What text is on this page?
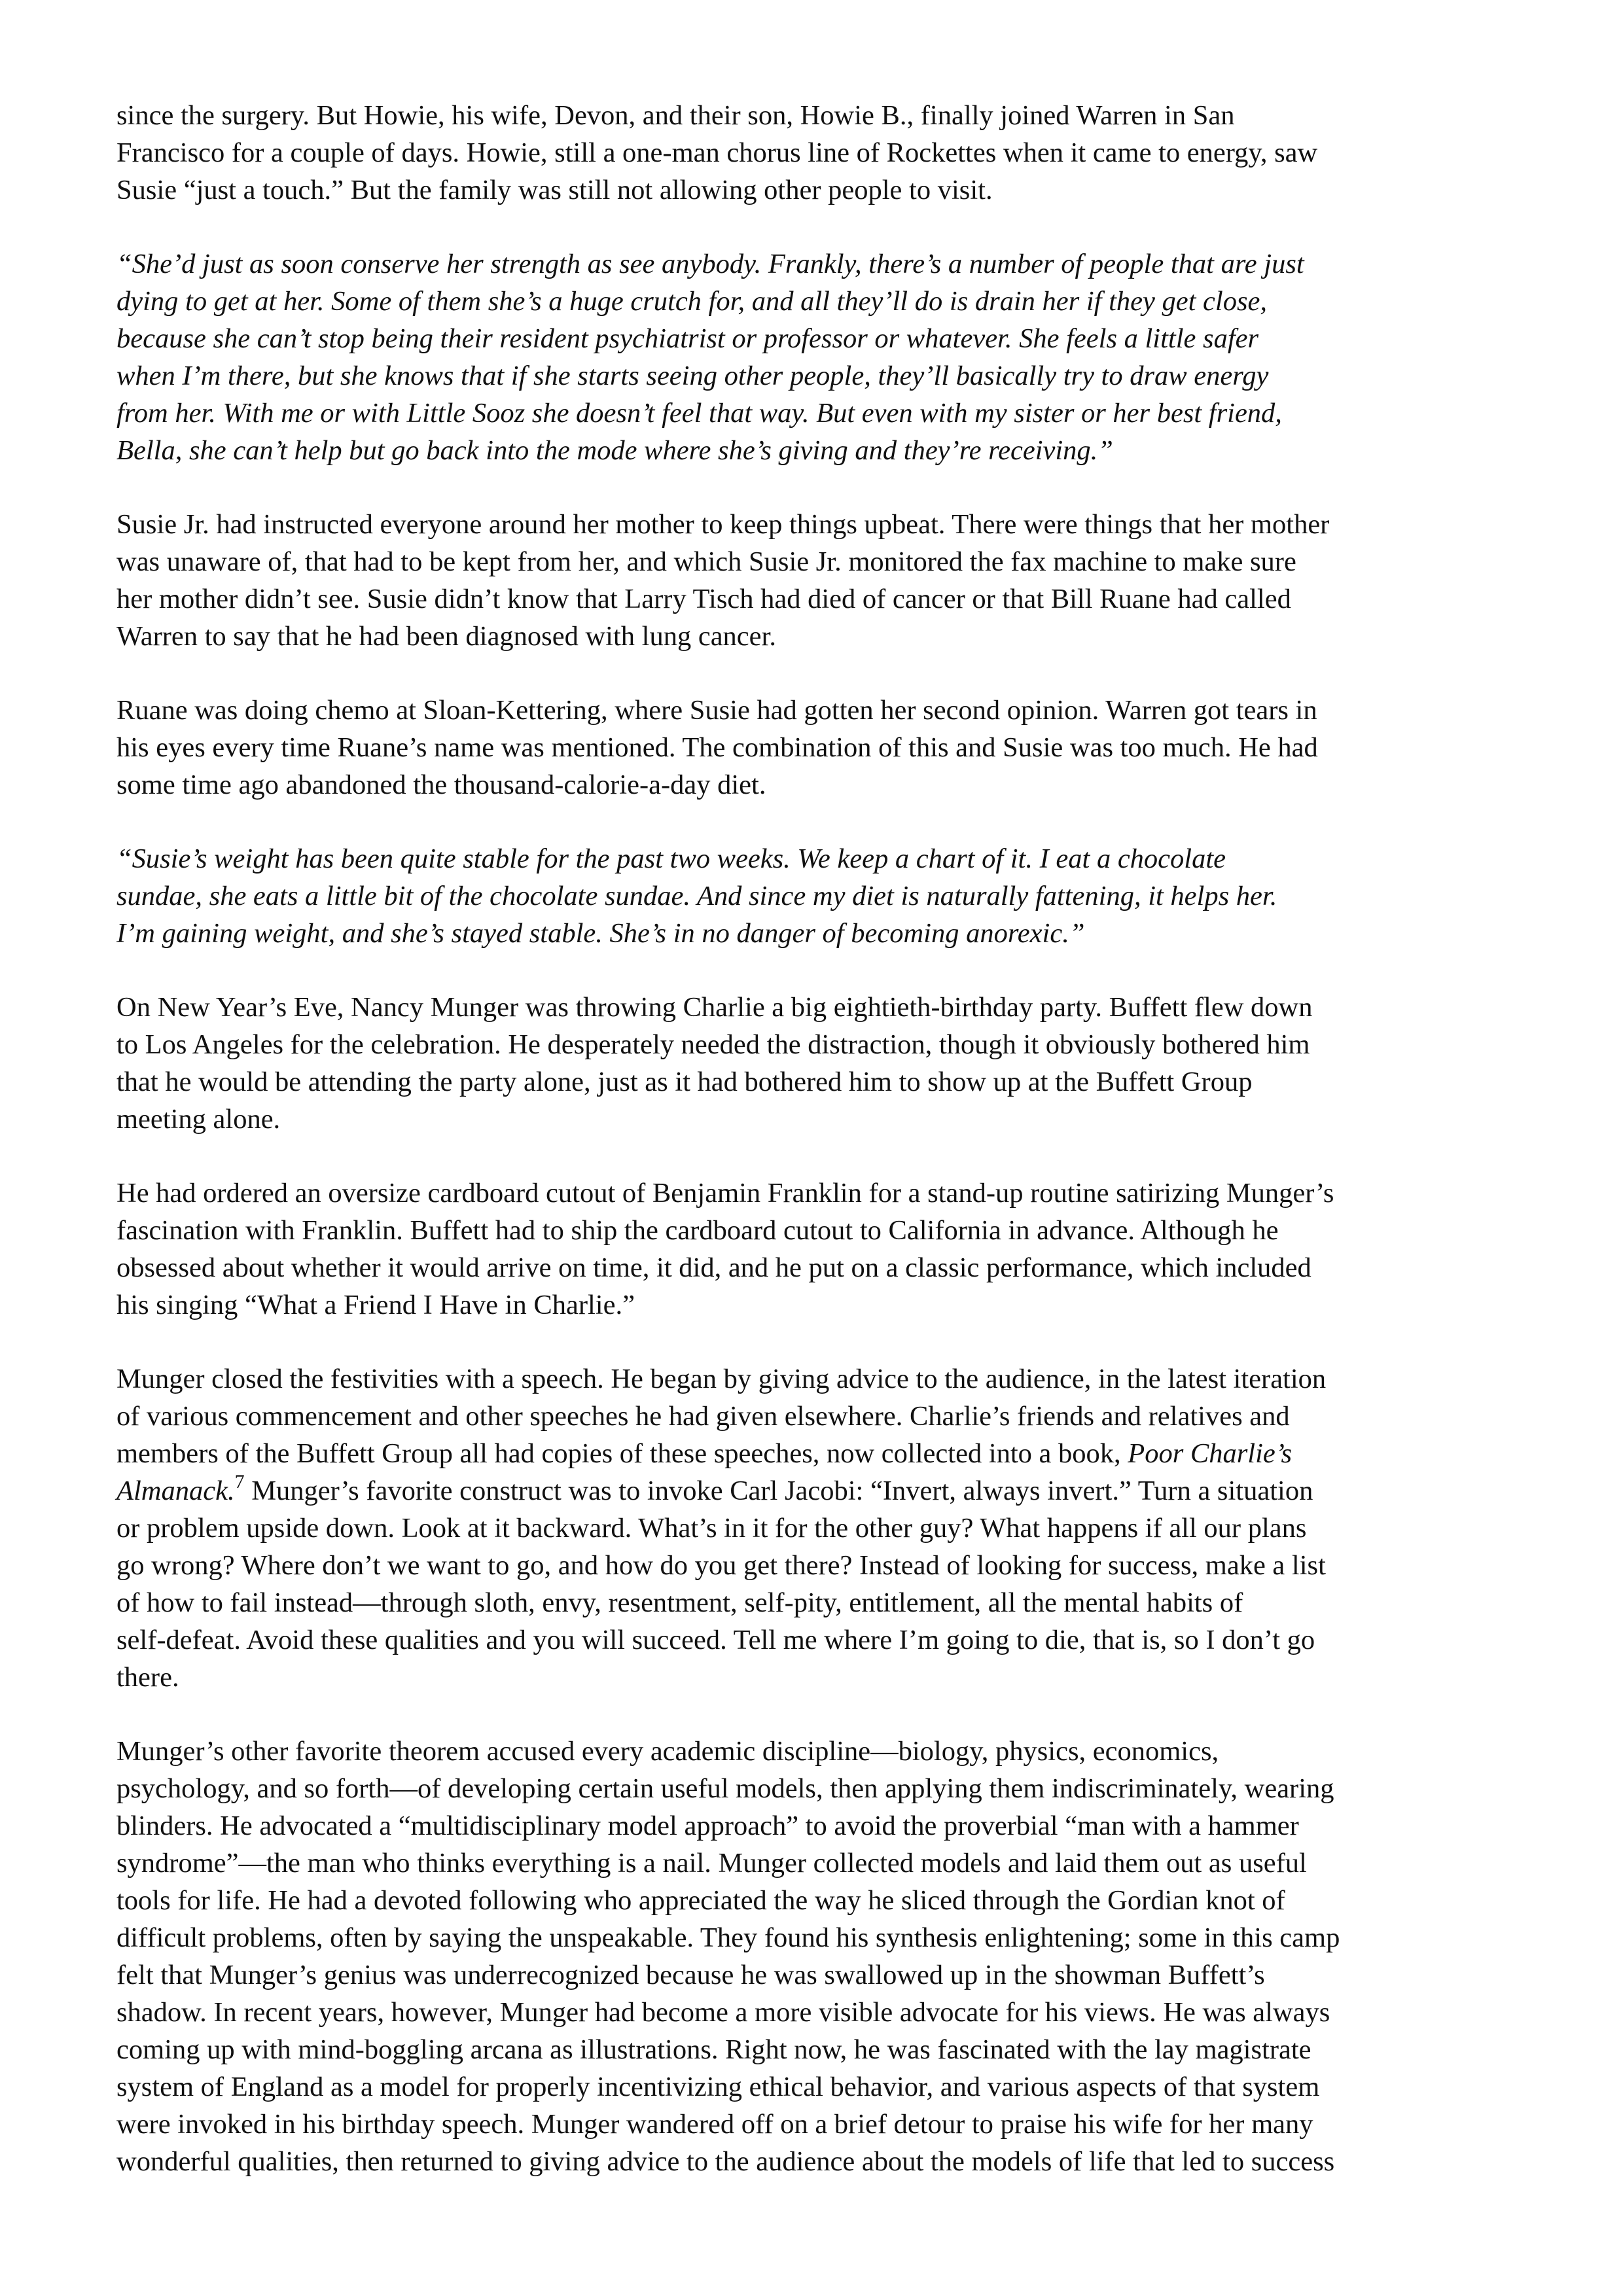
since the surgery. But Howie, his wife, Devon, and their son, Howie B., finally joined Warren in San
Francisco for a couple of days. Howie, still a one-man chorus line of Rockettes when it came to energy, saw
Susie “just a touch.” But the family was still not allowing other people to visit.

“She’d just as soon conserve her strength as see anybody. Frankly, there’s a number of people that are just
dying to get at her. Some of them she’s a huge crutch for, and all they’ll do is drain her if they get close,
because she can’t stop being their resident psychiatrist or professor or whatever. She feels a little safer
when I’m there, but she knows that if she starts seeing other people, they’ll basically try to draw energy
from her. With me or with Little Sooz she doesn’t feel that way. But even with my sister or her best friend,
Bella, she can’t help but go back into the mode where she’s giving and they’re receiving.”

Susie Jr. had instructed everyone around her mother to keep things upbeat. There were things that her mother
was unaware of, that had to be kept from her, and which Susie Jr. monitored the fax machine to make sure
her mother didn’t see. Susie didn’t know that Larry Tisch had died of cancer or that Bill Ruane had called
Warren to say that he had been diagnosed with lung cancer.

Ruane was doing chemo at Sloan-Kettering, where Susie had gotten her second opinion. Warren got tears in
his eyes every time Ruane’s name was mentioned. The combination of this and Susie was too much. He had
some time ago abandoned the thousand-calorie-a-day diet.

“Susie’s weight has been quite stable for the past two weeks. We keep a chart of it. I eat a chocolate
sundae, she eats a little bit of the chocolate sundae. And since my diet is naturally fattening, it helps her.
I’m gaining weight, and she’s stayed stable. She’s in no danger of becoming anorexic.”

On New Year’s Eve, Nancy Munger was throwing Charlie a big eightieth-birthday party. Buffett flew down
to Los Angeles for the celebration. He desperately needed the distraction, though it obviously bothered him
that he would be attending the party alone, just as it had bothered him to show up at the Buffett Group
meeting alone.

He had ordered an oversize cardboard cutout of Benjamin Franklin for a stand-up routine satirizing Munger’s
fascination with Franklin. Buffett had to ship the cardboard cutout to California in advance. Although he
obsessed about whether it would arrive on time, it did, and he put on a classic performance, which included
his singing “What a Friend I Have in Charlie.”

Munger closed the festivities with a speech. He began by giving advice to the audience, in the latest iteration
of various commencement and other speeches he had given elsewhere. Charlie’s friends and relatives and
members of the Buffett Group all had copies of these speeches, now collected into a book, Poor Charlie’s
Almanack.$^7$ Munger’s favorite construct was to invoke Carl Jacobi: “Invert, always invert.” Turn a situation
or problem upside down. Look at it backward. What’s in it for the other guy? What happens if all our plans
go wrong? Where don’t we want to go, and how do you get there? Instead of looking for success, make a list
of how to fail instead—through sloth, envy, resentment, self-pity, entitlement, all the mental habits of
self-defeat. Avoid these qualities and you will succeed. Tell me where I’m going to die, that is, so I don’t go
there.

Munger’s other favorite theorem accused every academic discipline—biology, physics, economics,
psychology, and so forth—of developing certain useful models, then applying them indiscriminately, wearing
blinders. He advocated a “multidisciplinary model approach” to avoid the proverbial “man with a hammer
syndrome”—the man who thinks everything is a nail. Munger collected models and laid them out as useful
tools for life. He had a devoted following who appreciated the way he sliced through the Gordian knot of
difficult problems, often by saying the unspeakable. They found his synthesis enlightening; some in this camp
felt that Munger’s genius was underrecognized because he was swallowed up in the showman Buffett’s
shadow. In recent years, however, Munger had become a more visible advocate for his views. He was always
coming up with mind-boggling arcana as illustrations. Right now, he was fascinated with the lay magistrate
system of England as a model for properly incentivizing ethical behavior, and various aspects of that system
were invoked in his birthday speech. Munger wandered off on a brief detour to praise his wife for her many
wonderful qualities, then returned to giving advice to the audience about the models of life that led to success
